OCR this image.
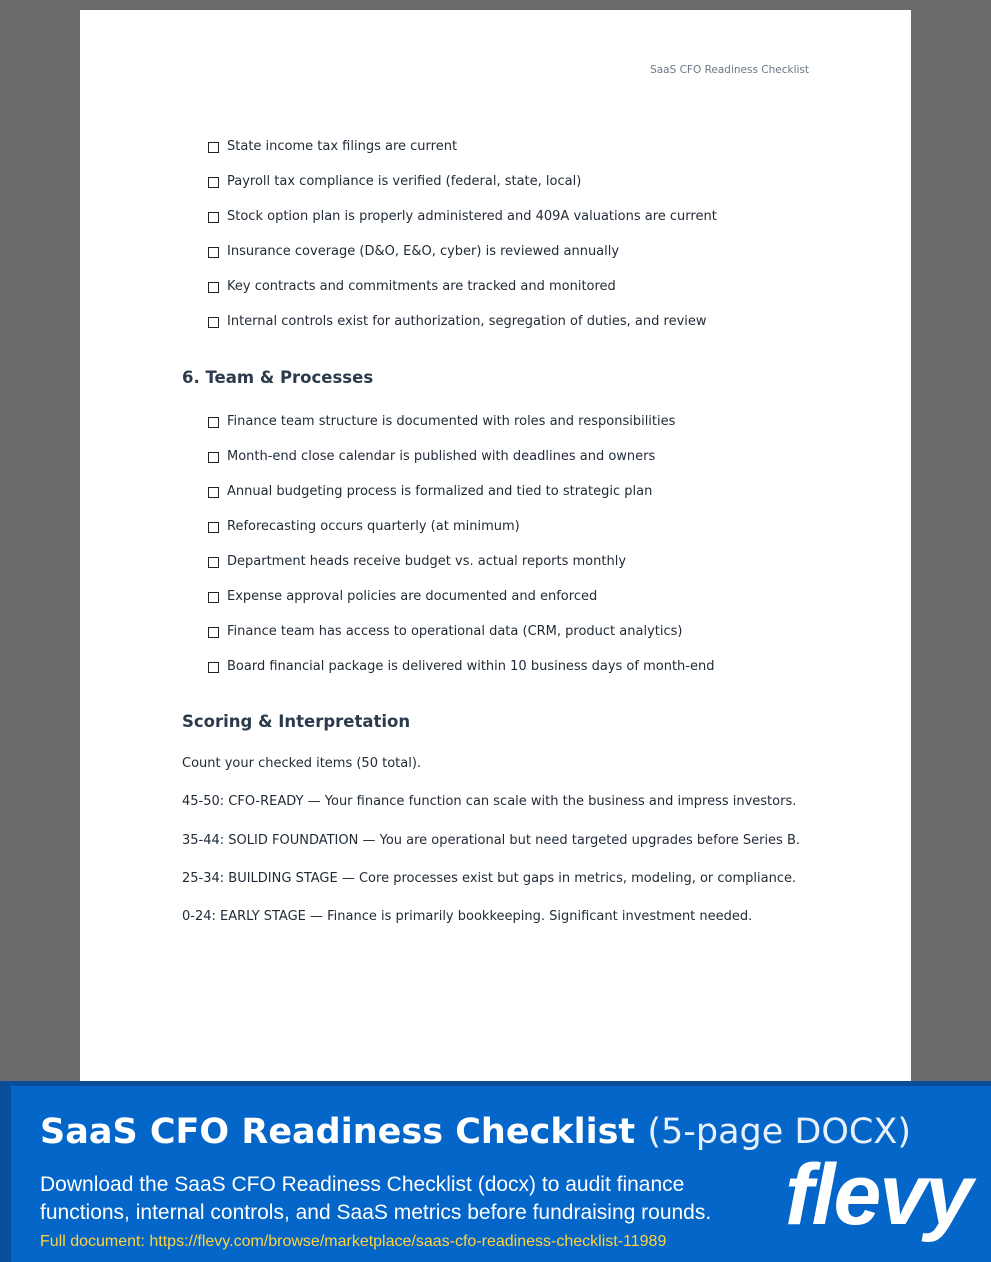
SaaS CFO Readiness Checklist
State income tax filings are current
Payroll tax compliance is verified (federal, state, local)
Stock option plan is properly administered and 409A valuations are current
Insurance coverage (D&O, E&O, cyber) is reviewed annually
Key contracts and commitments are tracked and monitored
Internal controls exist for authorization, segregation of duties, and review
6. Team & Processes
Finance team structure is documented with roles and responsibilities
Month-end close calendar is published with deadlines and owners
Annual budgeting process is formalized and tied to strategic plan
Reforecasting occurs quarterly (at minimum)
Department heads receive budget vs. actual reports monthly
Expense approval policies are documented and enforced
Finance team has access to operational data (CRM, product analytics)
Board financial package is delivered within 10 business days of month-end
Scoring & Interpretation

Count your checked items (50 total).

45-50: CFO-READY — Your finance function can scale with the business and impress investors.

35-44: SOLID FOUNDATION — You are operational but need targeted upgrades before Series B.

25-34: BUILDING STAGE — Core processes exist but gaps in metrics, modeling, or compliance.

0-24: EARLY STAGE — Finance is primarily bookkeeping. Significant investment needed.

SaaS CFO Readiness Checklist (5-page DOCX)

Download the SaaS CFO Readiness Checklist (docx) to audit finance functions, internal controls, and SaaS metrics before fundraising rounds.

Full document: https://flevy.com/browse/marketplace/saas-cfo-readiness-checklist-11989 flevy
